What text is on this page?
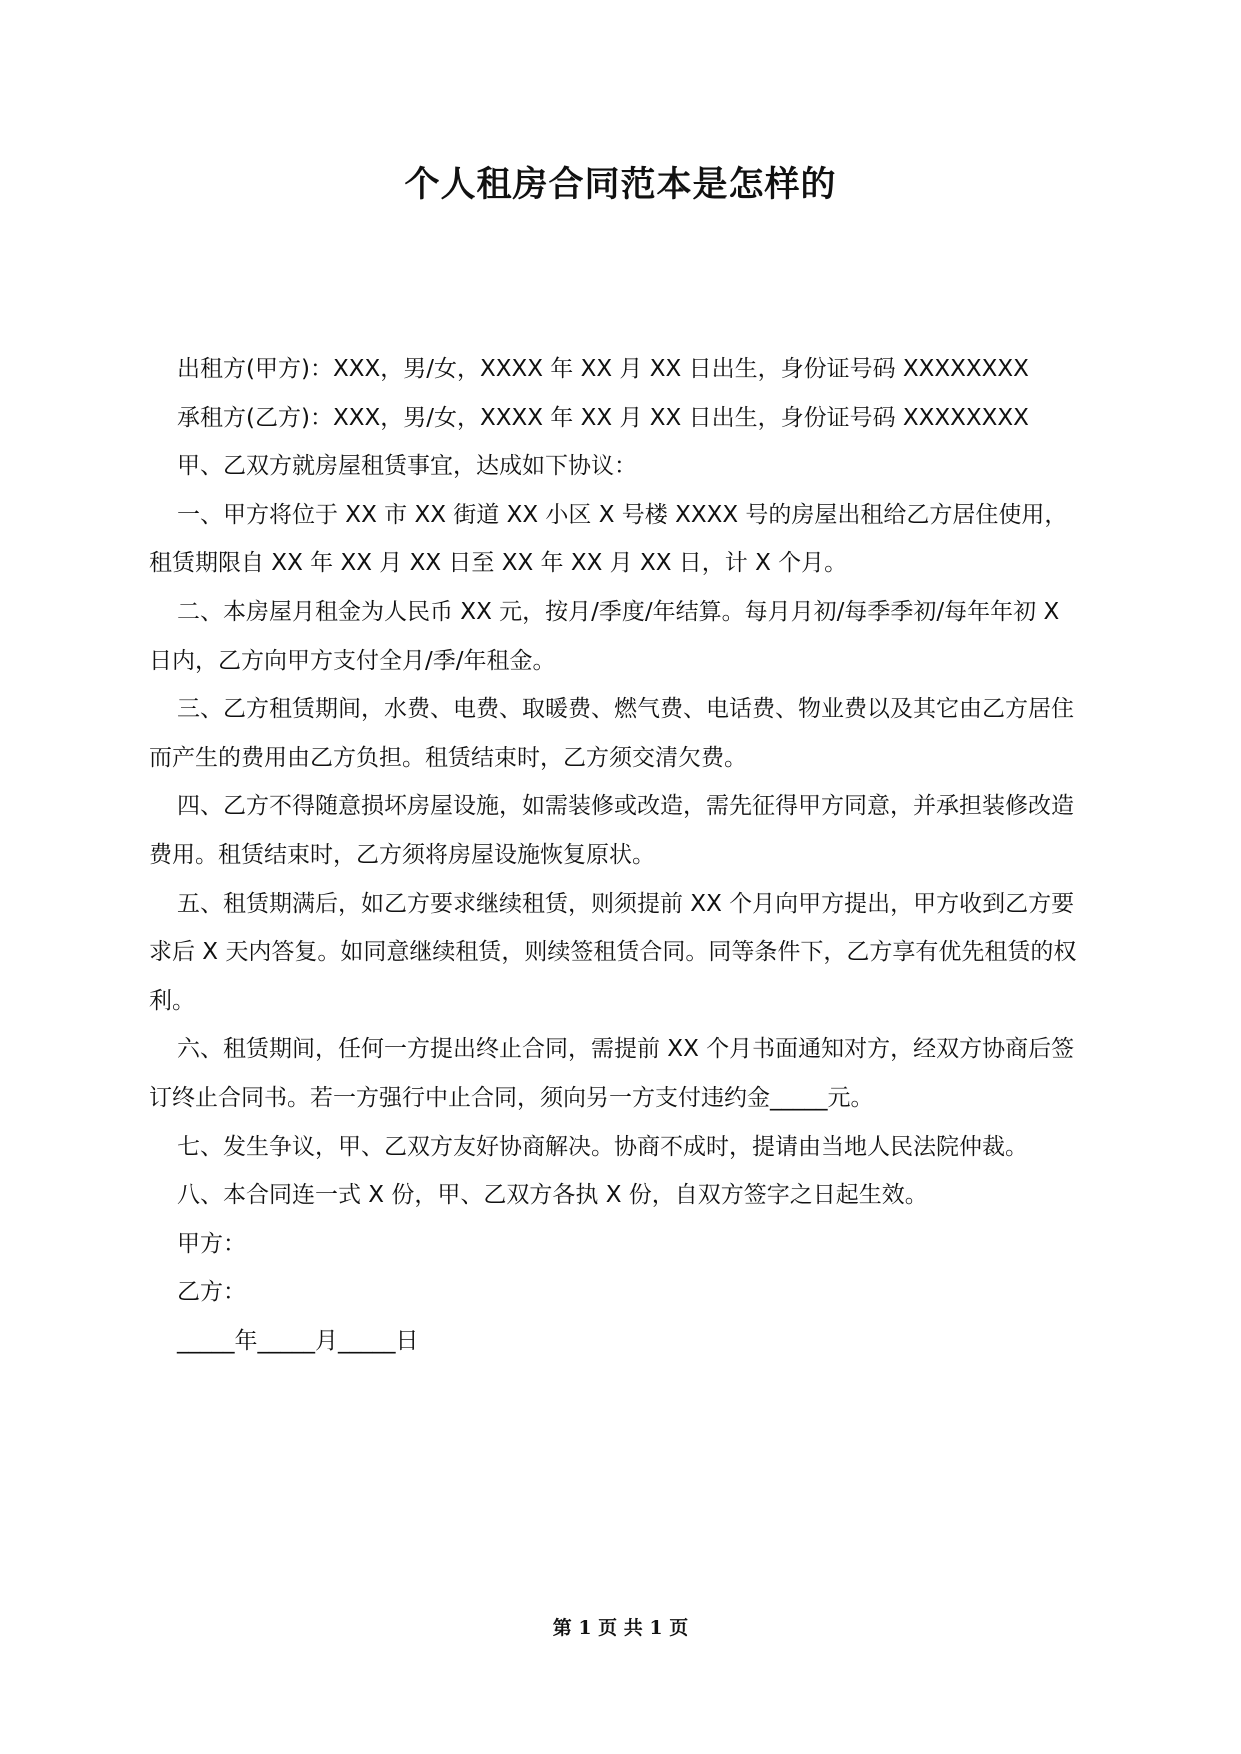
个人租房合同范本是怎样的

出租方(甲方)：XXX，男/女，XXXX 年 XX 月 XX 日出生，身份证号码 XXXXXXXX

承租方(乙方)：XXX，男/女，XXXX 年 XX 月 XX 日出生，身份证号码 XXXXXXXX

甲、乙双方就房屋租赁事宜，达成如下协议：

一、甲方将位于 XX 市 XX 街道 XX 小区 X 号楼 XXXX 号的房屋出租给乙方居住使用，租赁期限自 XX 年 XX 月 XX 日至 XX 年 XX 月 XX 日，计 X 个月。

二、本房屋月租金为人民币 XX 元，按月/季度/年结算。每月月初/每季季初/每年年初 X 日内，乙方向甲方支付全月/季/年租金。

三、乙方租赁期间，水费、电费、取暖费、燃气费、电话费、物业费以及其它由乙方居住而产生的费用由乙方负担。租赁结束时，乙方须交清欠费。

四、乙方不得随意损坏房屋设施，如需装修或改造，需先征得甲方同意，并承担装修改造费用。租赁结束时，乙方须将房屋设施恢复原状。

五、租赁期满后，如乙方要求继续租赁，则须提前 XX 个月向甲方提出，甲方收到乙方要求后 X 天内答复。如同意继续租赁，则续签租赁合同。同等条件下，乙方享有优先租赁的权利。

六、租赁期间，任何一方提出终止合同，需提前 XX 个月书面通知对方，经双方协商后签订终止合同书。若一方强行中止合同，须向另一方支付违约金_____元。

七、发生争议，甲、乙双方友好协商解决。协商不成时，提请由当地人民法院仲裁。

八、本合同连一式 X 份，甲、乙双方各执 X 份，自双方签字之日起生效。

甲方：

乙方：

_____年_____月_____日

第 1 页 共 1 页
